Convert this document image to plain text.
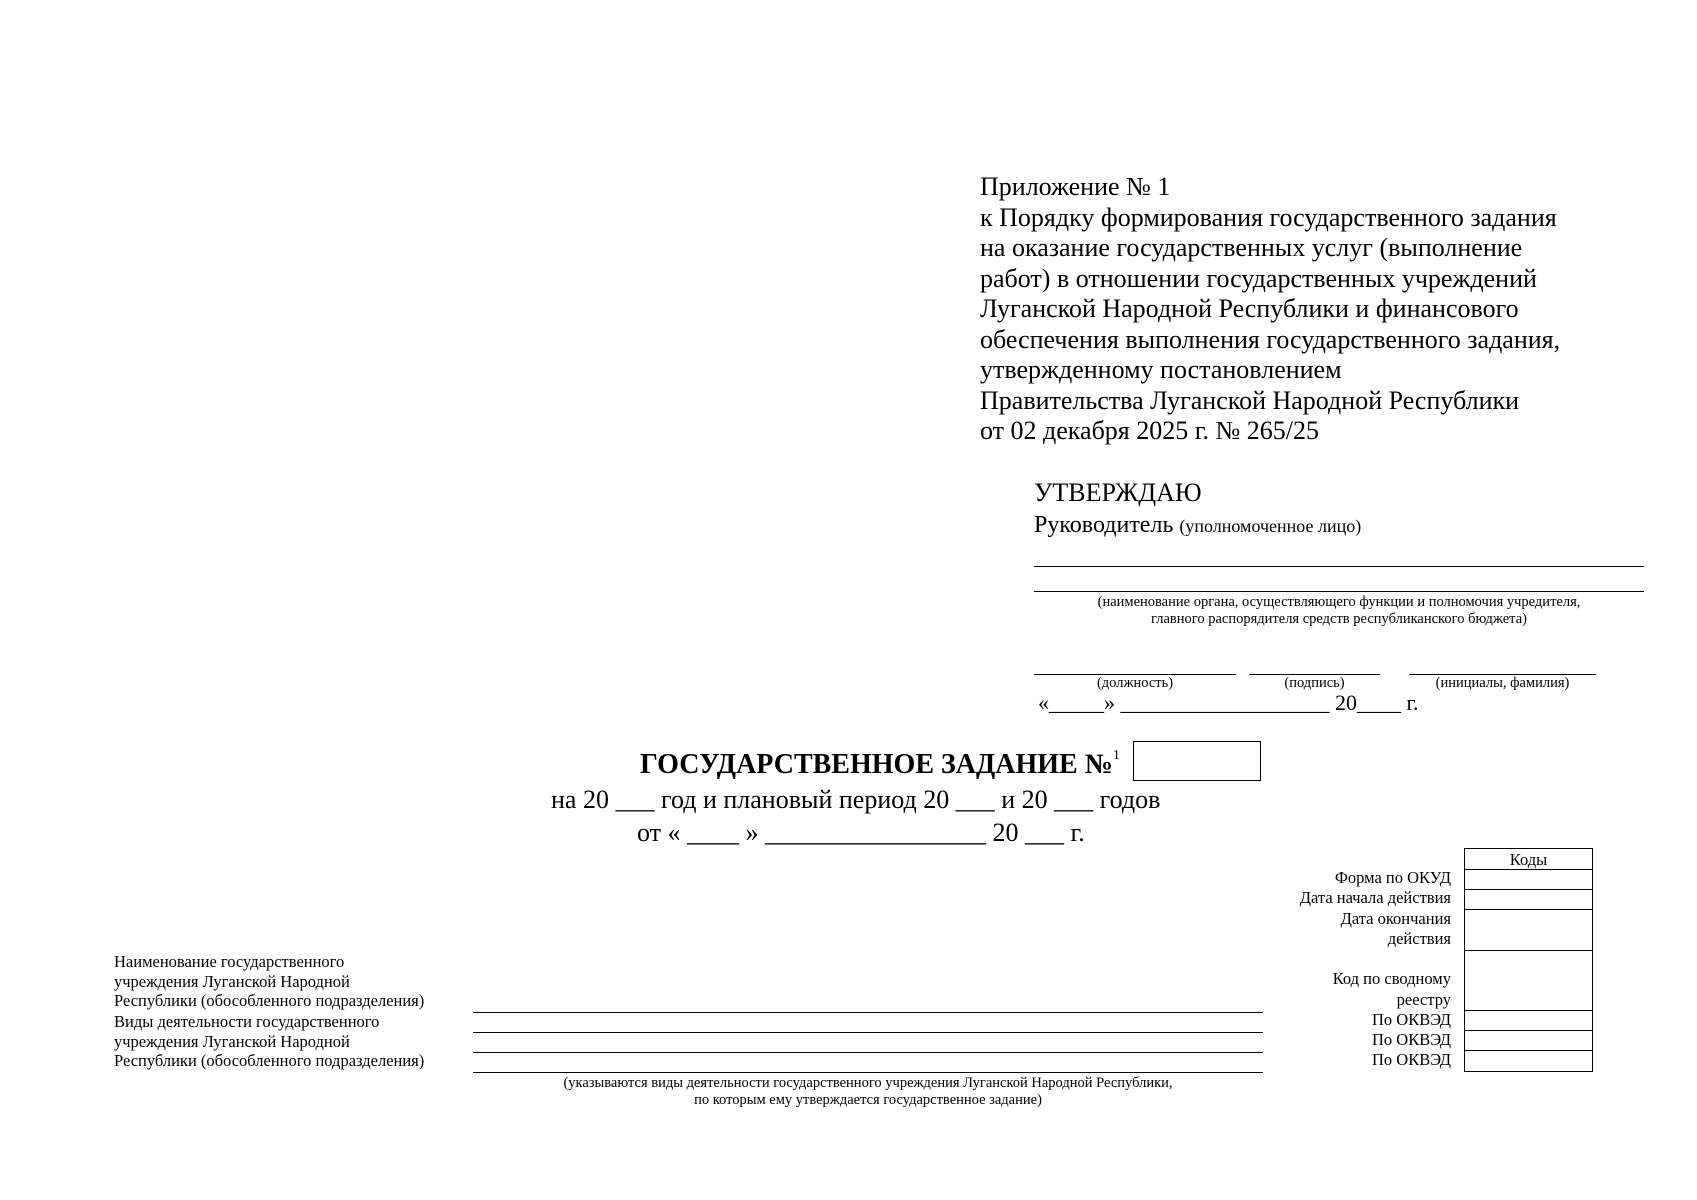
Приложение № 1
к Порядку формирования государственного задания
на оказание государственных услуг (выполнение
работ) в отношении государственных учреждений
Луганской Народной Республики и финансового
обеспечения выполнения государственного задания,
утвержденному постановлением
Правительства Луганской Народной Республики
от 02 декабря 2025 г. № 265/25
УТВЕРЖДАЮ
Руководитель (уполномоченное лицо)
(наименование органа, осуществляющего функции и полномочия учредителя,
главного распорядителя средств республиканского бюджета)
(должность)	(подпись)	(инициалы, фамилия)
«_____» ___________________ 20____ г.
ГОСУДАРСТВЕННОЕ ЗАДАНИЕ №$^1$
на 20 ___ год и плановый период 20 ___ и 20 ___ годов
от « ____ » _________________ 20 ___ г.
Коды
Форма по ОКУД
Дата начала действия
Дата окончания
действия
Код по сводному
реестру
По ОКВЭД
По ОКВЭД
По ОКВЭД
Наименование государственного
учреждения Луганской Народной
Республики (обособленного подразделения)
Виды деятельности государственного
учреждения Луганской Народной
Республики (обособленного подразделения)
(указываются виды деятельности государственного учреждения Луганской Народной Республики,
по которым ему утверждается государственное задание)
